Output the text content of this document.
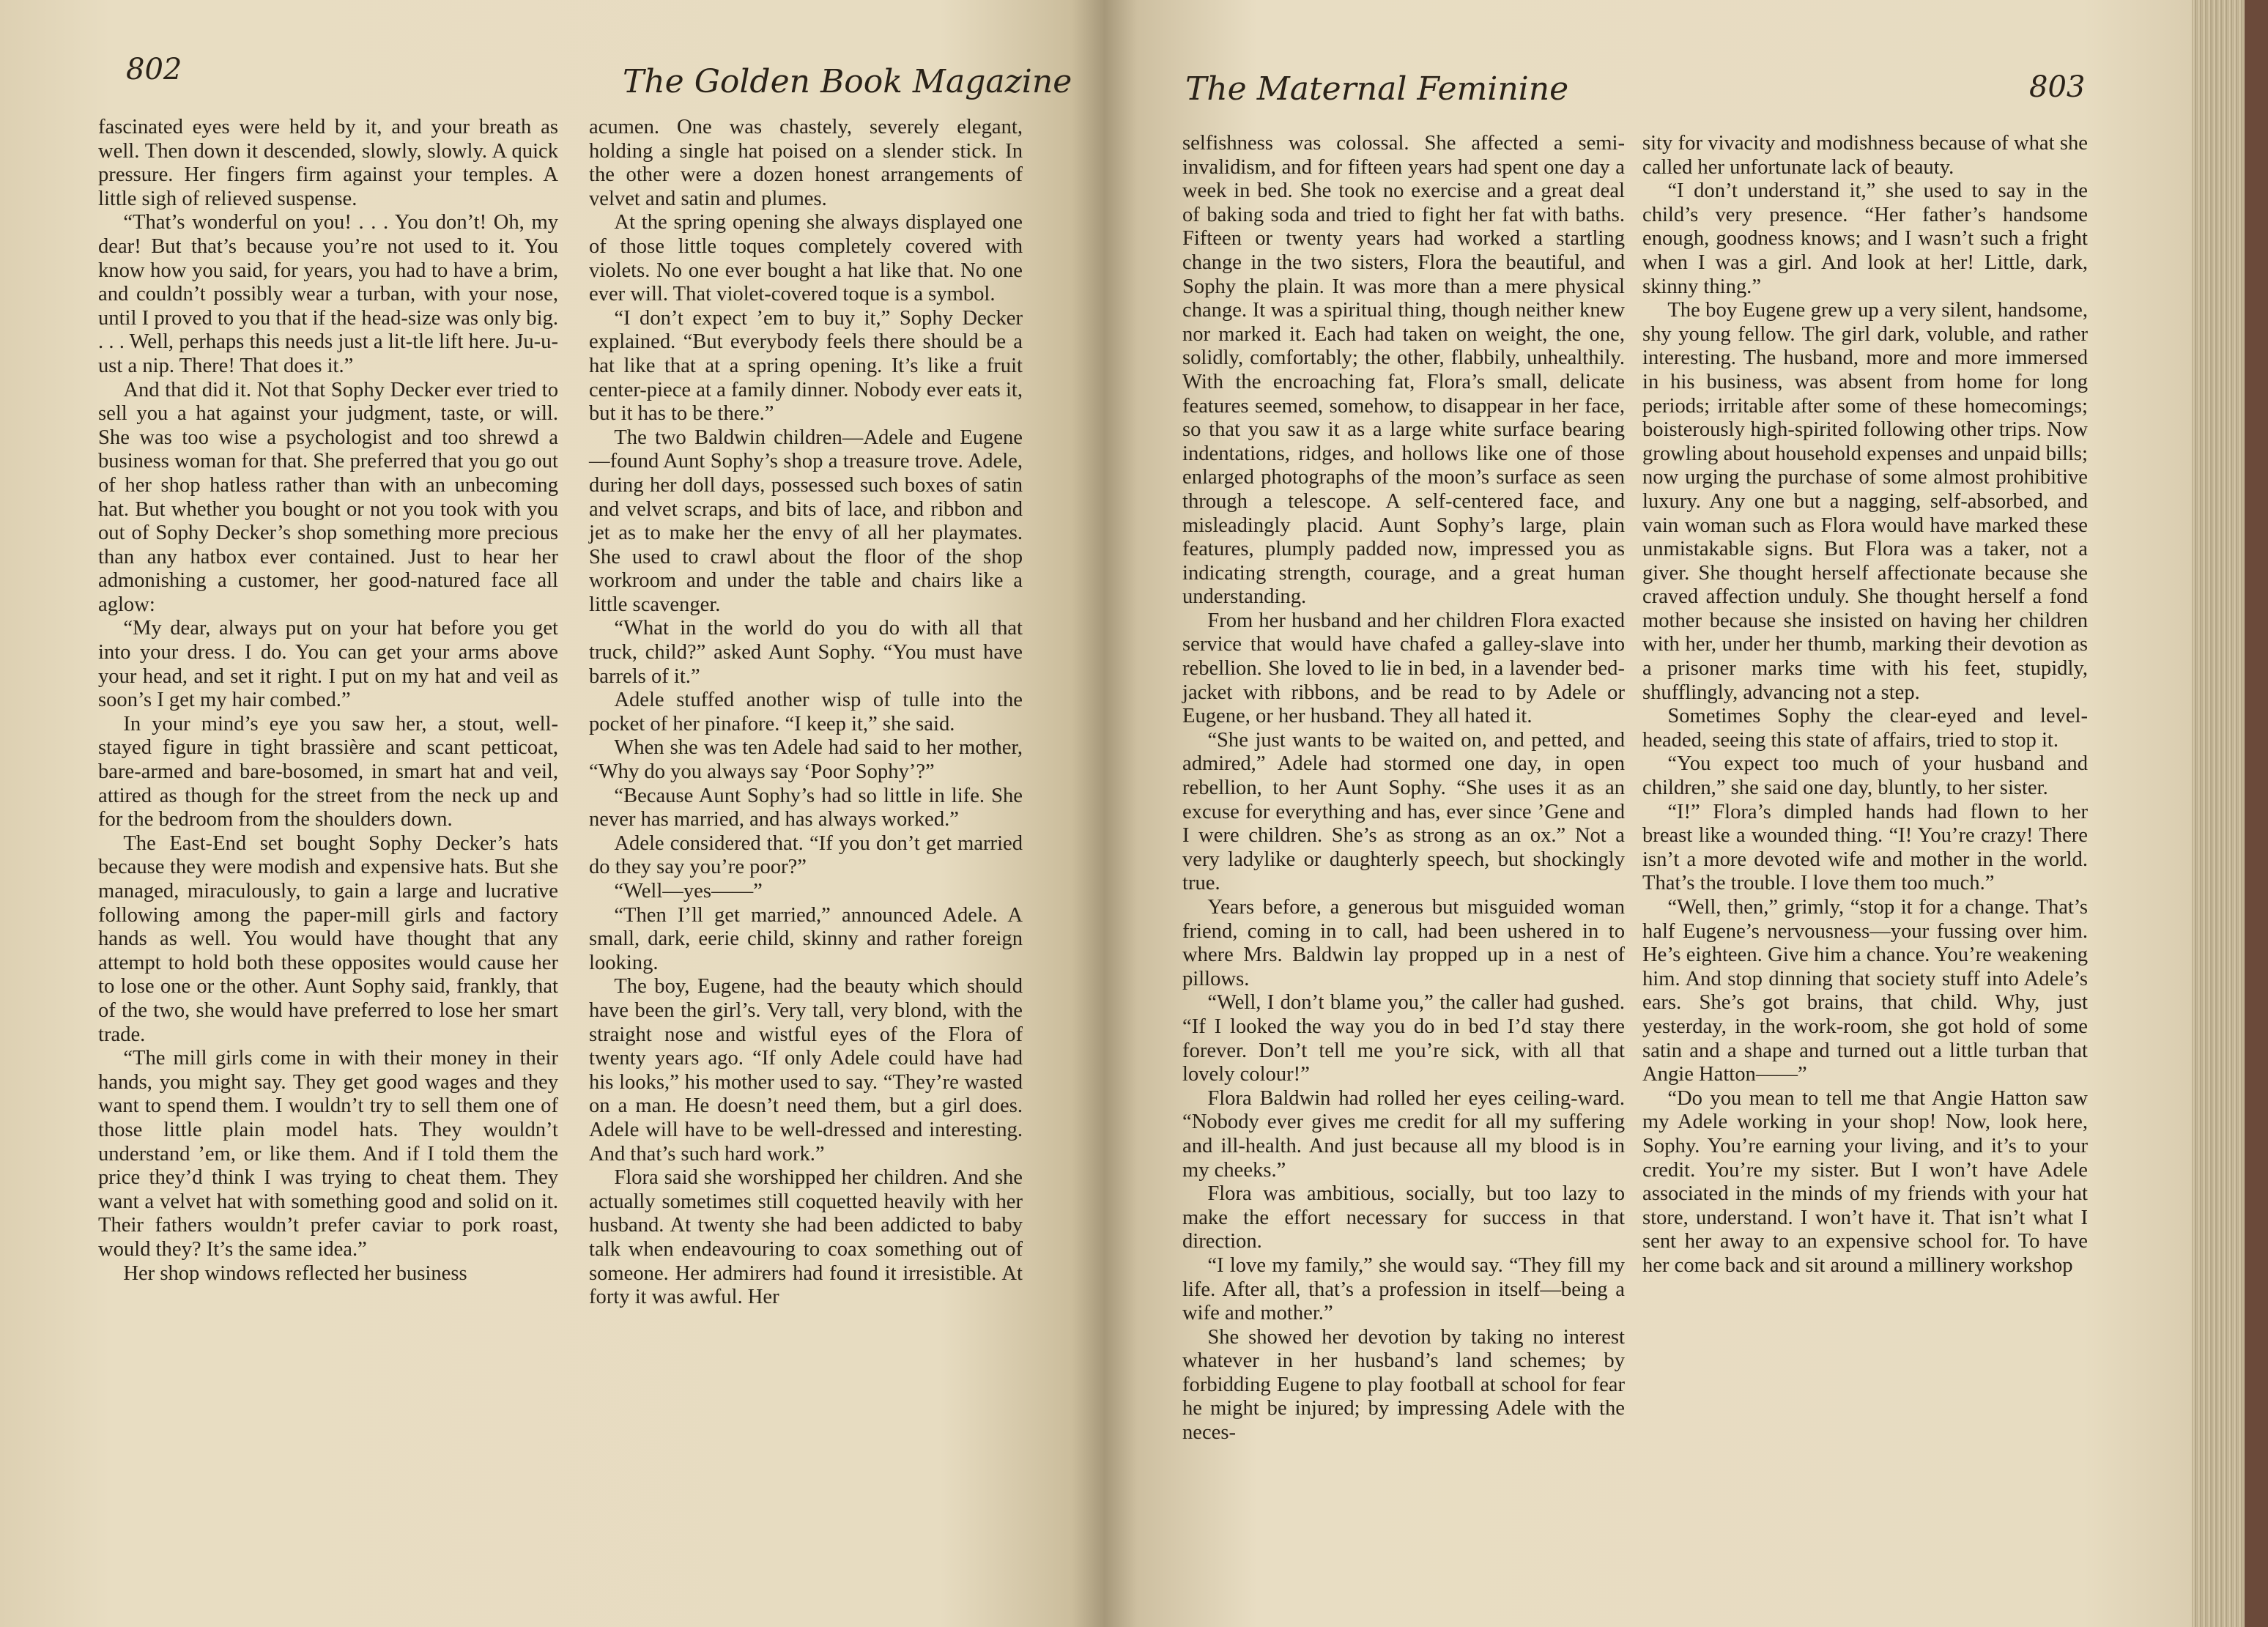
802	The Golden Book Magazine

fascinated eyes were held by it, and your breath as well. Then down it descended, slowly, slowly. A quick pressure. Her fingers firm against your temples. A little sigh of relieved suspense.

“That’s wonderful on you! . . . You don’t! Oh, my dear! But that’s because you’re not used to it. You know how you said, for years, you had to have a brim, and couldn’t possibly wear a turban, with your nose, until I proved to you that if the head-size was only big. . . . Well, perhaps this needs just a lit-tle lift here. Ju-u-ust a nip. There! That does it.”

And that did it. Not that Sophy Decker ever tried to sell you a hat against your judgment, taste, or will. She was too wise a psychologist and too shrewd a business woman for that. She preferred that you go out of her shop hatless rather than with an unbecoming hat. But whether you bought or not you took with you out of Sophy Decker’s shop something more precious than any hatbox ever contained. Just to hear her admonishing a customer, her good-natured face all aglow:

“My dear, always put on your hat before you get into your dress. I do. You can get your arms above your head, and set it right. I put on my hat and veil as soon’s I get my hair combed.”

In your mind’s eye you saw her, a stout, well-stayed figure in tight brassière and scant petticoat, bare-armed and bare-bosomed, in smart hat and veil, attired as though for the street from the neck up and for the bedroom from the shoulders down.

The East-End set bought Sophy Decker’s hats because they were modish and expensive hats. But she managed, miraculously, to gain a large and lucrative following among the paper-mill girls and factory hands as well. You would have thought that any attempt to hold both these opposites would cause her to lose one or the other. Aunt Sophy said, frankly, that of the two, she would have preferred to lose her smart trade.

“The mill girls come in with their money in their hands, you might say. They get good wages and they want to spend them. I wouldn’t try to sell them one of those little plain model hats. They wouldn’t understand ’em, or like them. And if I told them the price they’d think I was trying to cheat them. They want a velvet hat with something good and solid on it. Their fathers wouldn’t prefer caviar to pork roast, would they? It’s the same idea.”

Her shop windows reflected her business

acumen. One was chastely, severely elegant, holding a single hat poised on a slender stick. In the other were a dozen honest arrangements of velvet and satin and plumes.

At the spring opening she always displayed one of those little toques completely covered with violets. No one ever bought a hat like that. No one ever will. That violet-covered toque is a symbol.

“I don’t expect ’em to buy it,” Sophy Decker explained. “But everybody feels there should be a hat like that at a spring opening. It’s like a fruit center-piece at a family dinner. Nobody ever eats it, but it has to be there.”

The two Baldwin children—Adele and Eugene—found Aunt Sophy’s shop a treasure trove. Adele, during her doll days, possessed such boxes of satin and velvet scraps, and bits of lace, and ribbon and jet as to make her the envy of all her playmates. She used to crawl about the floor of the shop workroom and under the table and chairs like a little scavenger.

“What in the world do you do with all that truck, child?” asked Aunt Sophy. “You must have barrels of it.”

Adele stuffed another wisp of tulle into the pocket of her pinafore. “I keep it,” she said.

When she was ten Adele had said to her mother, “Why do you always say ‘Poor Sophy’?”

“Because Aunt Sophy’s had so little in life. She never has married, and has always worked.”

Adele considered that. “If you don’t get married do they say you’re poor?”

“Well—yes——”

“Then I’ll get married,” announced Adele. A small, dark, eerie child, skinny and rather foreign looking.

The boy, Eugene, had the beauty which should have been the girl’s. Very tall, very blond, with the straight nose and wistful eyes of the Flora of twenty years ago. “If only Adele could have had his looks,” his mother used to say. “They’re wasted on a man. He doesn’t need them, but a girl does. Adele will have to be well-dressed and interesting. And that’s such hard work.”

Flora said she worshipped her children. And she actually sometimes still coquetted heavily with her husband. At twenty she had been addicted to baby talk when endeavouring to coax something out of someone. Her admirers had found it irresistible. At forty it was awful. Her

The Maternal Feminine	803

selfishness was colossal. She affected a semi-invalidism, and for fifteen years had spent one day a week in bed. She took no exercise and a great deal of baking soda and tried to fight her fat with baths. Fifteen or twenty years had worked a startling change in the two sisters, Flora the beautiful, and Sophy the plain. It was more than a mere physical change. It was a spiritual thing, though neither knew nor marked it. Each had taken on weight, the one, solidly, comfortably; the other, flabbily, unhealthily. With the encroaching fat, Flora’s small, delicate features seemed, somehow, to disappear in her face, so that you saw it as a large white surface bearing indentations, ridges, and hollows like one of those enlarged photographs of the moon’s surface as seen through a telescope. A self-centered face, and misleadingly placid. Aunt Sophy’s large, plain features, plumply padded now, impressed you as indicating strength, courage, and a great human understanding.

From her husband and her children Flora exacted service that would have chafed a galley-slave into rebellion. She loved to lie in bed, in a lavender bed-jacket with ribbons, and be read to by Adele or Eugene, or her husband. They all hated it.

“She just wants to be waited on, and petted, and admired,” Adele had stormed one day, in open rebellion, to her Aunt Sophy. “She uses it as an excuse for everything and has, ever since ’Gene and I were children. She’s as strong as an ox.” Not a very ladylike or daughterly speech, but shockingly true.

Years before, a generous but misguided woman friend, coming in to call, had been ushered in to where Mrs. Baldwin lay propped up in a nest of pillows.

“Well, I don’t blame you,” the caller had gushed. “If I looked the way you do in bed I’d stay there forever. Don’t tell me you’re sick, with all that lovely colour!”

Flora Baldwin had rolled her eyes ceiling-ward. “Nobody ever gives me credit for all my suffering and ill-health. And just because all my blood is in my cheeks.”

Flora was ambitious, socially, but too lazy to make the effort necessary for success in that direction.

“I love my family,” she would say. “They fill my life. After all, that’s a profession in itself—being a wife and mother.”

She showed her devotion by taking no interest whatever in her husband’s land schemes; by forbidding Eugene to play football at school for fear he might be injured; by impressing Adele with the neces-

sity for vivacity and modishness because of what she called her unfortunate lack of beauty.

“I don’t understand it,” she used to say in the child’s very presence. “Her father’s handsome enough, goodness knows; and I wasn’t such a fright when I was a girl. And look at her! Little, dark, skinny thing.”

The boy Eugene grew up a very silent, handsome, shy young fellow. The girl dark, voluble, and rather interesting. The husband, more and more immersed in his business, was absent from home for long periods; irritable after some of these homecomings; boisterously high-spirited following other trips. Now growling about household expenses and unpaid bills; now urging the purchase of some almost prohibitive luxury. Any one but a nagging, self-absorbed, and vain woman such as Flora would have marked these unmistakable signs. But Flora was a taker, not a giver. She thought herself affectionate because she craved affection unduly. She thought herself a fond mother because she insisted on having her children with her, under her thumb, marking their devotion as a prisoner marks time with his feet, stupidly, shufflingly, advancing not a step.

Sometimes Sophy the clear-eyed and level-headed, seeing this state of affairs, tried to stop it.

“You expect too much of your husband and children,” she said one day, bluntly, to her sister.

“I!” Flora’s dimpled hands had flown to her breast like a wounded thing. “I! You’re crazy! There isn’t a more devoted wife and mother in the world. That’s the trouble. I love them too much.”

“Well, then,” grimly, “stop it for a change. That’s half Eugene’s nervousness—your fussing over him. He’s eighteen. Give him a chance. You’re weakening him. And stop dinning that society stuff into Adele’s ears. She’s got brains, that child. Why, just yesterday, in the work-room, she got hold of some satin and a shape and turned out a little turban that Angie Hatton——”

“Do you mean to tell me that Angie Hatton saw my Adele working in your shop! Now, look here, Sophy. You’re earning your living, and it’s to your credit. You’re my sister. But I won’t have Adele associated in the minds of my friends with your hat store, understand. I won’t have it. That isn’t what I sent her away to an expensive school for. To have her come back and sit around a millinery workshop
